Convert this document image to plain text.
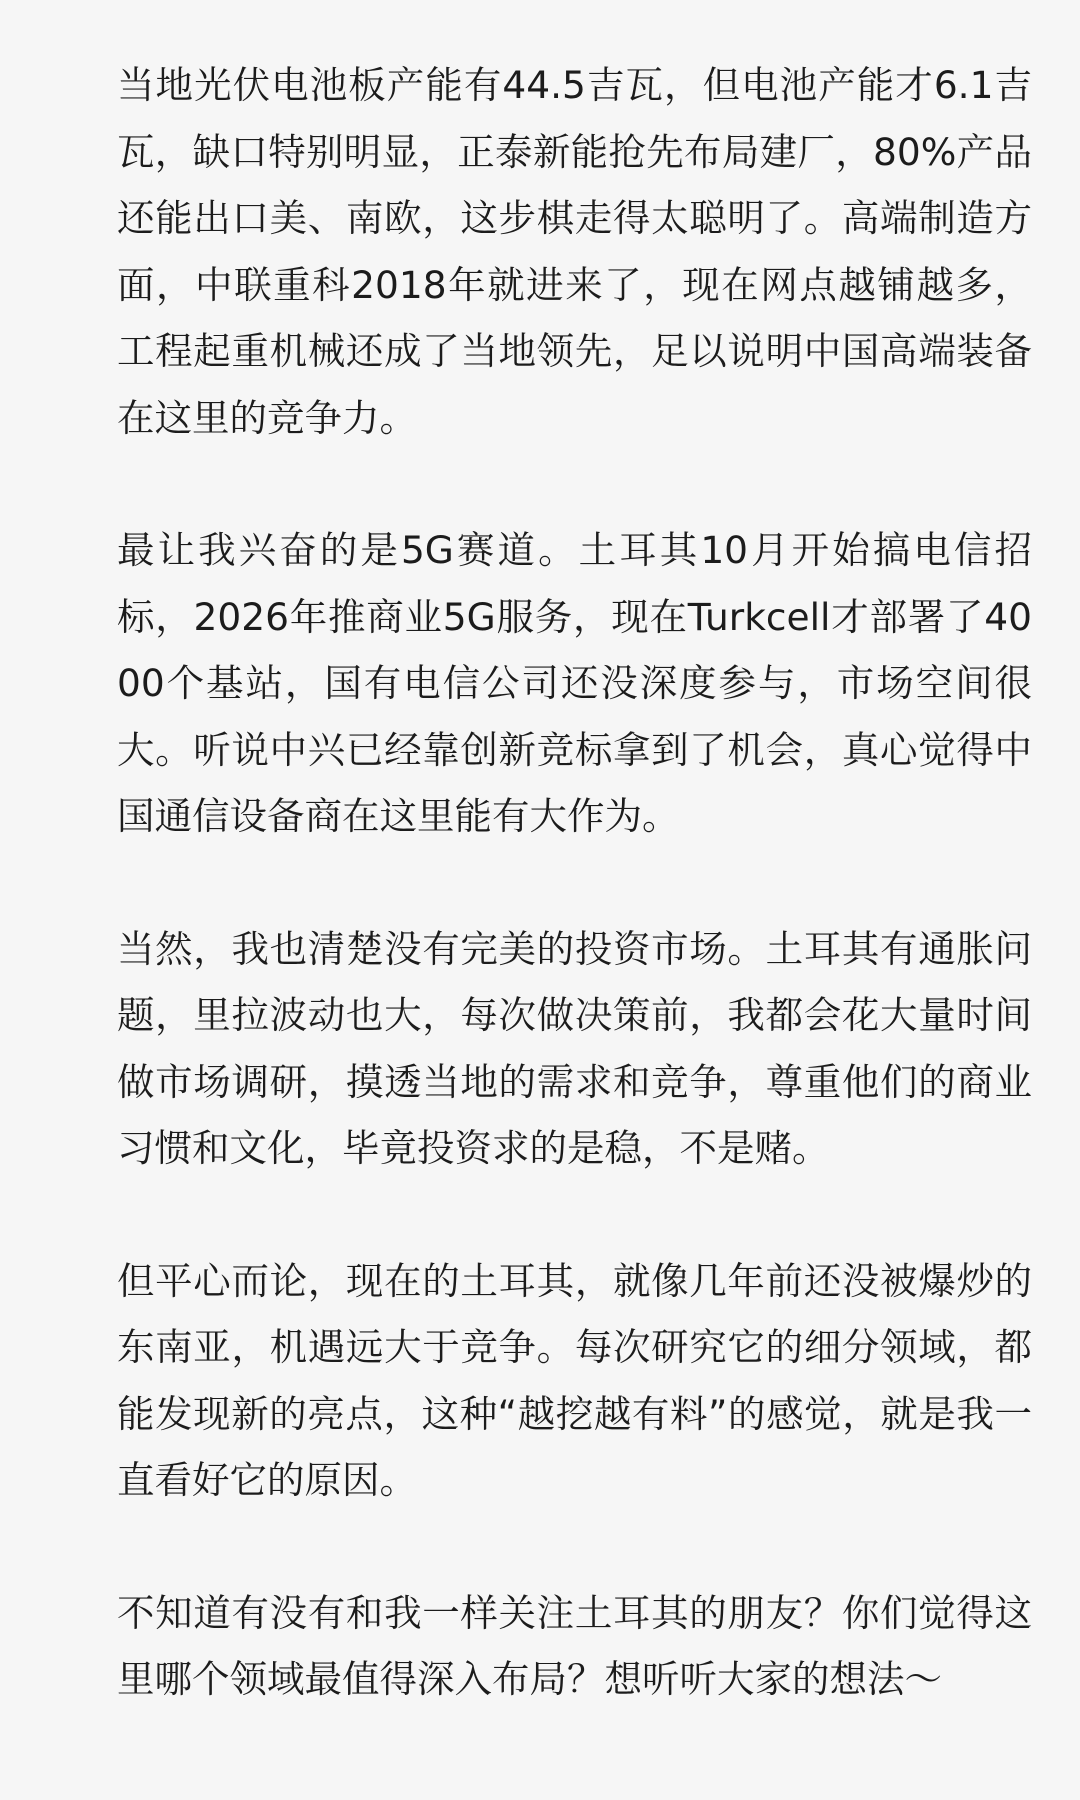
当地光伏电池板产能有44.5吉瓦，但电池产能才6.1吉瓦，缺口特别明显，正泰新能抢先布局建厂，80%产品还能出口美、南欧，这步棋走得太聪明了。高端制造方面，中联重科2018年就进来了，现在网点越铺越多，工程起重机械还成了当地领先，足以说明中国高端装备在这里的竞争力。

最让我兴奋的是5G赛道。土耳其10月开始搞电信招标，2026年推商业5G服务，现在Turkcell才部署了4000个基站，国有电信公司还没深度参与，市场空间很大。听说中兴已经靠创新竞标拿到了机会，真心觉得中国通信设备商在这里能有大作为。

当然，我也清楚没有完美的投资市场。土耳其有通胀问题，里拉波动也大，每次做决策前，我都会花大量时间做市场调研，摸透当地的需求和竞争，尊重他们的商业习惯和文化，毕竟投资求的是稳，不是赌。

但平心而论，现在的土耳其，就像几年前还没被爆炒的东南亚，机遇远大于竞争。每次研究它的细分领域，都能发现新的亮点，这种“越挖越有料”的感觉，就是我一直看好它的原因。

不知道有没有和我一样关注土耳其的朋友？你们觉得这里哪个领域最值得深入布局？想听听大家的想法～
